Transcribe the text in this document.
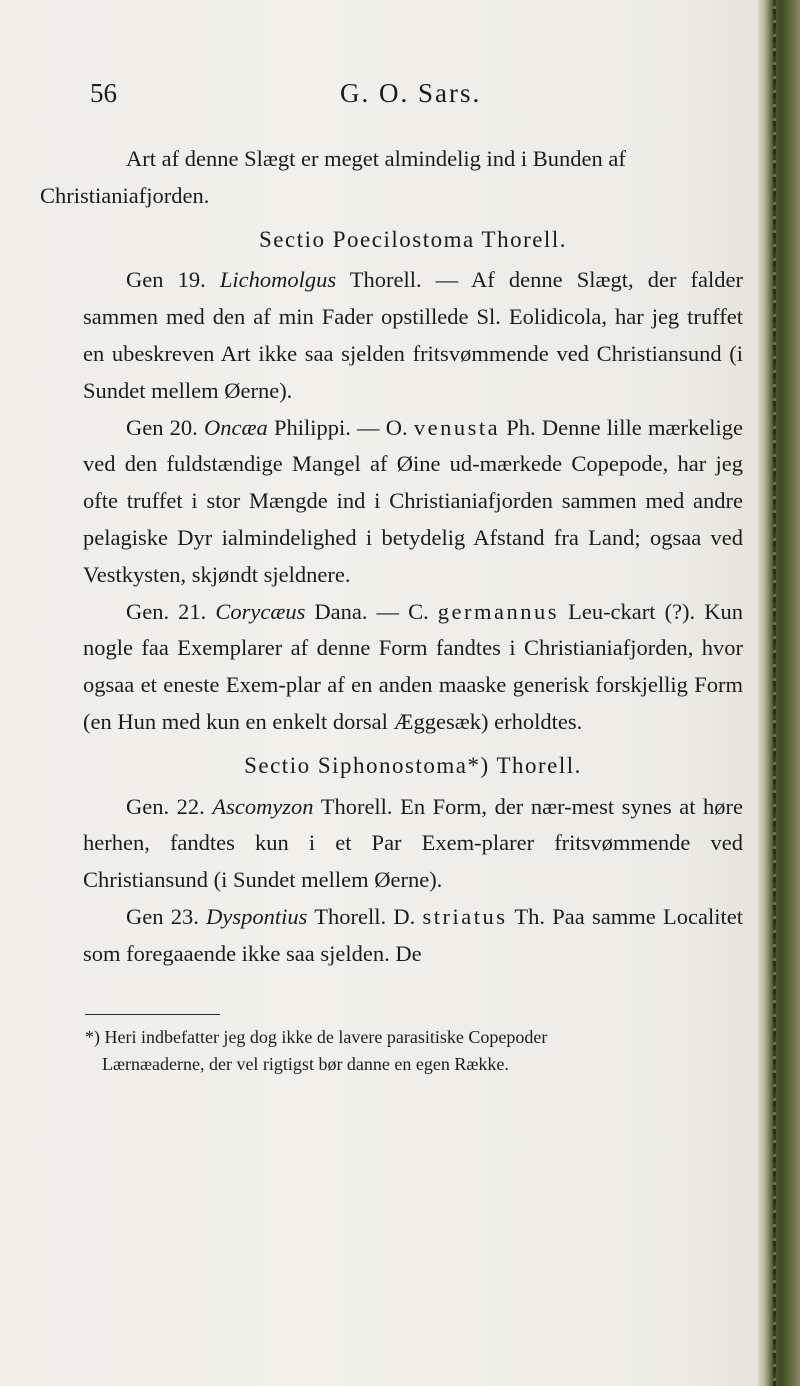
56	G. O. Sars.

Art af denne Slægt er meget almindelig ind i Bunden af
Christianiafjorden.

Sectio Poecilostoma Thorell.

Gen 19. Lichomolgus Thorell. — Af denne Slægt, der falder sammen med den af min Fader opstillede Sl. Eolidicola, har jeg truffet en ubeskreven Art ikke saa sjelden fritsvømmende ved Christiansund (i Sundet mellem Øerne).

Gen 20. Oncæa Philippi. — O. venusta Ph. Denne lille mærkelige ved den fuldstændige Mangel af Øine ud-mærkede Copepode, har jeg ofte truffet i stor Mængde ind i Christianiafjorden sammen med andre pelagiske Dyr ialmindelighed i betydelig Afstand fra Land; ogsaa ved Vestkysten, skjøndt sjeldnere.

Gen. 21. Corycæus Dana. — C. germannus Leu-ckart (?). Kun nogle faa Exemplarer af denne Form fandtes i Christianiafjorden, hvor ogsaa et eneste Exem-plar af en anden maaske generisk forskjellig Form (en Hun med kun en enkelt dorsal Æggesæk) erholdtes.

Sectio Siphonostoma*) Thorell.

Gen. 22. Ascomyzon Thorell. En Form, der nær-mest synes at høre herhen, fandtes kun i et Par Exem-plarer fritsvømmende ved Christiansund (i Sundet mellem Øerne).

Gen 23. Dyspontius Thorell. D. striatus Th. Paa samme Localitet som foregaaende ikke saa sjelden. De

*) Heri indbefatter jeg dog ikke de lavere parasitiske Copepoder

Lærnæaderne, der vel rigtigst bør danne en egen Række.
